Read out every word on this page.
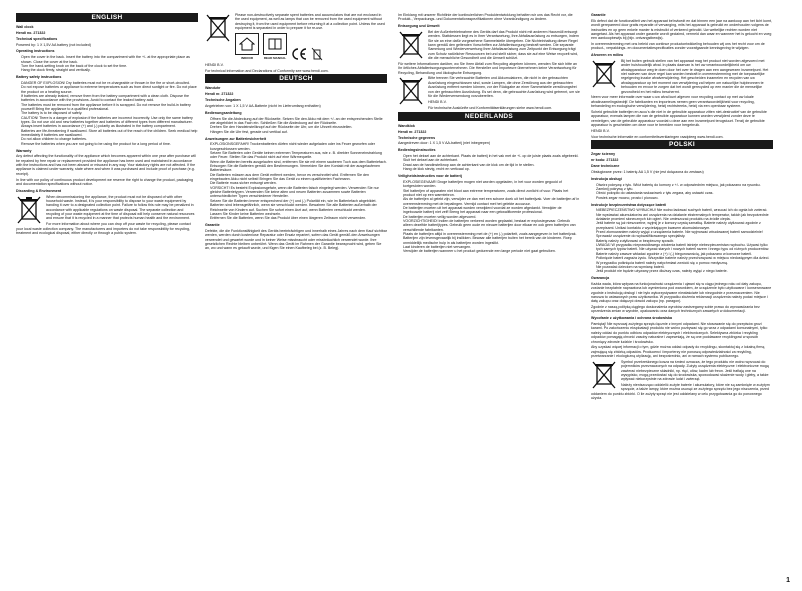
ENGLISH

Wall clock

Hendi no. 271322

Technical specifications

Powered by: 1 X 1,5V AA battery (not included)

Operating instructions

• Open the cover in the back. Insert the battery into the compartment with the +/- at the appropriate place as shown. Close the cover at the back.
• Turn the hand-setting knob on the back of the clock to set the time.
• Hang the clock firmly, straight and vertically.

Battery safety instructions

• DANGER OF EXPLOSION! Dry batteries must not be re-chargeable or thrown in the fire or short-circuited.
• Do not expose batteries or appliance to extreme temperatures such as from direct sunlight or fire. Do not place the product on a heating source.
• If batteries are already leaked, remove them from the battery compartment with a clean cloth. Dispose the batteries in accordance with the provisions. Avoid to contact the leaked battery acid.
• The batteries must be removed from the appliance before it is scrapped. Do not remove the build-in battery yourself! Bring the appliance to a qualified professional.
• The battery is to be disposed of safely.
• CAUTION! There is a danger of explosion if the batteries are incorrect incorrectly. Use only the same battery types. Do not use old and new batteries together and batteries of different types from different manufacturer.
• Always insert batteries in accordance (+) and (-) polarity as illustrated in the battery compartment.
• Batteries are life-threatening if swallowed. Store all batteries out of the reach of the children. Seek medical help immediately if batteries are swallowed.
• Do not allow children to change batteries.
• Remove the batteries when you are not going to be using the product for a long period of time.

Warranty

Any defect affecting the functionality of the appliance which becomes apparent within one year after purchase will be repaired by free repair or replacement provided the appliance has been used and maintained in accordance with the instructions and has not been abused or misused in any way. Your statutory rights are not affected. If the appliance is claimed under warranty, state where and when it was purchased and include proof of purchase (e.g. receipt).

In line with our policy of continuous product development we reserve the right to change the product, packaging and documentation specifications without notice.

Discarding & Environment

When decommissioning the appliance, the product must not be disposed of with other household waste. Instead, it is your responsibility to dispose to your waste equipment by handing it over to a designated collection point. Failure to follow this rule may be penalized in accordance with applicable regulations on waste disposal. The separate collection and recycling of your waste equipment at the time of disposal will help conserve natural resources and ensure that it is recycled in a manner that protects human health and the environment.

For more information about where you can drop off your waste for recycling, please contact your local waste collection company. The manufacturers and importers do not take responsibility for recycling, treatment and ecological disposal, either directly or through a public system.

Please non-destructively separate spent batteries and accumulators that are not enclosed in the used equipment, as well as lamps that can be removed from the used equipment without destroying it, from the used equipment before returning it at a collection point. Unless the used equipment is separated in order to prepare it for re-use.

INDOOR	READ MANUAL

HENDI B.V.

For technical information and Declarations of Conformity see www.hendi.com.

DEUTSCH

Wanduhr

Hendi nr. 271322

Technische Angaben

Angetrieben von: 1 X 1,5 V AA-Batterie (nicht im Lieferumfang enthalten)

Bedienungsanleitung

• Öffnen Sie die Abdeckung auf der Rückseite. Setzen Sie den Akku mit dem +/- an der entsprechenden Stelle wie abgebildet in das Fach ein. Schließen Sie die Abdeckung auf der Rückseite.
• Drehen Sie den Handeinstellknopf auf der Rückseite der Uhr, um die Uhrzeit einzustellen.
• Hängen Sie die Uhr fest, gerade und vertikal auf.

Anweisungen zur Batteriesicherheit

• EXPLOSIONSGEFAHR! Trockenbatterien dürfen nicht wieder aufgeladen oder ins Feuer geworfen oder kurzgeschlossen werden.
• Setzen Sie Batterien oder Geräte keinen extremen Temperaturen aus, wie z. B. direkter Sonneneinstrahlung oder Feuer. Stellen Sie das Produkt nicht auf eine Wärmequelle.
• Wenn die Batterien bereits ausgelaufen sind, entfernen Sie sie mit einem sauberen Tuch aus dem Batteriefach. Entsorgen Sie die Batterien gemäß den Bestimmungen. Vermeiden Sie den Kontakt mit der ausgelaufenen Batteriesäure.
• Die Batterien müssen aus dem Gerät entfernt werden, bevor es verschrottet wird. Entfernen Sie den eingebauten Akku nicht selbst! Bringen Sie das Gerät zu einem qualifizierten Fachmann.
• Die Batterie muss sicher entsorgt werden.
• VORSICHT! Es besteht Explosionsgefahr, wenn die Batterien falsch eingelegt werden. Verwenden Sie nur gleiche Batterietypen. Verwenden Sie keine alten und neuen Batterien zusammen sowie Batterien unterschiedlicher Typen verschiedener Hersteller.
• Setzen Sie die Batterien immer entsprechend der (+) und (-) Polarität ein, wie im Batteriefach abgebildet.
• Batterien sind lebensgefährlich, wenn sie verschluckt werden. Bewahren Sie alle Batterien außerhalb der Reichweite von Kindern auf. Suchen Sie sofort einen Arzt auf, wenn Batterien verschluckt werden.
• Lassen Sie Kinder keine Batterien wechseln.
• Entfernen Sie die Batterien, wenn Sie das Produkt über einen längeren Zeitraum nicht verwenden.

Garantie

Defekte, die die Funktionsfähigkeit des Geräts beeinträchtigen und innerhalb eines Jahres nach dem Kauf sichtbar werden, werden durch kostenlose Reparatur oder Ersatz repariert, sofern das Gerät gemäß den Anweisungen verwendet und gewartet wurde und in keiner Weise missbraucht oder missbräuchlich verwendet wurde. Ihre gesetzlichen Rechte bleiben unberührt. Wenn das Gerät im Rahmen der Garantie beansprucht wird, geben Sie an, wo und wann es gekauft wurde, und fügen Sie einen Kaufbeleg bei (z. B. Beleg).

Im Einklang mit unserer Richtlinie der kontinuierlichen Produktentwicklung behalten wir uns das Recht vor, die Produkt-, Verpackungs- und Dokumentationsspezifikationen ohne Vorankündigung zu ändern.

Entsorgung und Umwelt

Bei der Außerbetriebnahme des Geräts darf das Produkt nicht mit anderem Hausmüll entsorgt werden. Stattdessen liegt es in Ihrer Verantwortung, Ihre Abfallausrüstung zu entsorgen, indem Sie sie an eine dafür vorgesehene Sammelstelle übergeben. Die Nichteinhaltung dieser Regel kann gemäß den geltenden Vorschriften zur Abfallentsorgung bestraft werden. Die separate Sammlung und Wiederverwertung Ihrer Abfallausrüstung zum Zeitpunkt der Entsorgung trägt zum Schutz natürlicher Ressourcen bei und stellt sicher, dass sie auf eine Weise recycelt wird, die die menschliche Gesundheit und die Umwelt schützt.

Für weitere Informationen darüber, wo Sie Ihren Abfall zum Recycling abgeben können, wenden Sie sich bitte an Ihr örtliches Abfallentsorgungsunternehmen. Die Hersteller und Importeure übernehmen keine Verantwortung für Recycling, Behandlung und ökologische Entsorgung.

Bitte trennen Sie verbrauchte Batterien und Akkumulatoren, die nicht in der gebrauchten Ausrüstung eingeschlossen sind, sowie Lampen, die ohne Zerstörung aus der gebrauchten Ausrüstung entfernt werden können, vor der Rückgabe an einer Sammelstelle zerstörungsfrei von der gebrauchten Ausrüstung. Es sei denn, die gebrauchte Ausrüstung wird getrennt, um sie für die Wiederverwendung vorzubereiten.

HENDI B.V.

Für technische Auskünfte und Konformitätserklärungen siehe www.hendi.com.

NEDERLANDS

Wandklok

Hendi nr. 271322

Technische gegevens

Aangedreven door: 1 X 1,5 V AA-batterij (niet inbegrepen)

Bedieningsinstructies

• Open het deksel aan de achterkant. Plaats de batterij in het vak met de +/- op de juiste plaats zoals afgebeeld. Sluit het deksel aan de achterkant.
• Draai aan de handinstelknop aan de achterkant van de klok om de tijd in te stellen.
• Hang de klok stevig, recht en verticaal op.

Veiligheidsinstructies voor de batterij

• EXPLOSIEGEVAAR! Droge batterijen mogen niet worden opgeladen, in het vuur worden gegooid of kortgesloten worden.
• Stel batterijen of apparaten niet bloot aan extreme temperaturen, zoals direct zonlicht of vuur. Plaats het product niet op een warmtebron.
• Als de batterijen al gelekt zijn, verwijder ze dan met een schone doek uit het batterijvak. Voer de batterijen af in overeenstemming met de bepalingen. Vermijd contact met het gelekte accuzuur.
• De batterijen moeten uit het apparaat worden verwijderd voordat ze worden afgedankt. Verwijder de ingebouwde batterij niet zelf! Breng het apparaat naar een gekwalificeerde professional.
• De batterijen moeten veilig worden afgevoerd.
• VOORZICHTIGHEID! Indien de batterijen verkeerd worden geplaatst, bestaat er explosiegevaar. Gebruik alleen dezelfde batterijtypes. Gebruik geen oude en nieuwe batterijen door elkaar en ook geen batterijen van verschillende fabrikanten.
• Plaats de batterijen altijd in overeenstemming met de (+) en (-) polariteit, zoals aangegeven in het batterijvak.
• Batterijen zijn levensgevaarlijk bij inslikken. Bewaar alle batterijen buiten het bereik van de kinderen. Roep onmiddellijk medische hulp in als batterijen worden ingeslikt.
• Laat kinderen de batterijen niet vervangen.
• Verwijder de batterijen wanneer u het product gedurende een lange periode niet gaat gebruiken.

Garantie

Elk defect dat de functionaliteit van het apparaat beïnvloedt en dat binnen een jaar na aankoop aan het licht komt, wordt gerepareerd door gratis reparatie of vervanging, mits het apparaat is gebruikt en onderhouden volgens de instructies en op geen enkele manier is misbruikt of verkeerd gebruikt. Uw wettelijke rechten worden niet aangetast. Als het apparaat onder garantie wordt geclaimd, vermeld dan waar en wanneer het is gekocht en voeg een aankoopbewijs bij (bijv. ontvangstbewijs).

In overeenstemming met ons beleid van continue productontwikkeling behouden wij ons het recht voor om de product-, verpakkings- en documentatiespecificaties zonder voorafgaande kennisgeving te wijzigen.

Afvoeren en milieu

Bij het buiten gebruik stellen van het apparaat mag het product niet worden afgevoerd met ander huishoudelijk afval. In plaats daarvan is het uw verantwoordelijkheid om uw afvalapparatuur weg te doen door het over te dragen aan een aangewezen inzamelpunt. Het niet naleven van deze regel kan worden bestraft in overeenstemming met de toepasselijke regelgeving inzake afvalverwijdering. Het gescheiden inzamelen en recyclen van uw afvalapparatuur op het moment van verwijdering zal helpen om natuurlijke hulpbronnen te behouden en ervoor te zorgen dat het wordt gerecycled op een manier die de menselijke gezondheid en het milieu beschermt.

Neem voor meer informatie over waar u uw afval kunt afgeven voor recycling contact op met uw lokale afvalinzamelingsbedrijf. De fabrikanten en importeurs nemen geen verantwoordelijkheid voor recycling, behandeling en ecologische verwijdering, hetzij rechtstreeks, hetzij via een openbaar systeem.

Scheid gebruikte batterijen en accu's die niet in de gebruikte apparatuur zitten niet-destructief van de gebruikte apparatuur, evenals lampen die van de gebruikte apparatuur kunnen worden verwijderd zonder deze te vernietigen, van de gebruikte apparatuur voordat u deze aan een inzamelpunt terugstuurt. Tenzij de gebruikte apparatuur is gescheiden om deze voor te bereiden voor hergebruik.

HENDI B.V.

Voor technische informatie en conformiteitsverklaringen raadpleeg www.hendi.com.

POLSKI

Zegar ścienny

nr kodu: 271322

Dane techniczne

Obsługiwane przez: 1 baterię AA 1,5 V (nie jest dołączona do zestawu)

Instrukcja obsługi

• Otwórz pokrywę z tyłu. Włóż baterię do komory z +/- w odpowiednim miejscu, jak pokazano na rysunku. Zamknij pokrywę z tyłu.
• Obróć pokrętło do ustawiania wskazówek z tyłu zegara, aby ustawić czas.
• Powieś zegar mocno, prosto i pionowo.

Instrukcje bezpieczeństwa dotyczące baterii

• NIEBEZPIECZEŃSTWO WYBUCHU! Nie wolno ładować suchych baterii, wrzucać ich do ognia lub zwierać.
• Nie wystawiać akumulatorów ani urządzenia na działanie ekstremalnych temperatur, takich jak bezpośrednie działanie promieni słonecznych lub ogień. Nie umieszczać produktu na źródle ciepła.
• Jeśli baterie są już nieszczelne, wyjmij je z komory czystą szmatką. Baterie należy utylizować zgodnie z przepisami. Unikać kontaktu z wyciekającym kwasem akumulatorowym.
• Przed złomowaniem należy wyjąć z urządzenia baterie. Nie wyjmować wbudowanej baterii samodzielnie! Sprowadź urządzenie do wykwalifikowanego specjalisty.
• Baterię należy zutylizować w bezpieczny sposób.
• UWAGA! W przypadku nieprawidłowego włożenia baterii istnieje niebezpieczeństwo wybuchu. Używać tylko tych samych typów baterii. Nie używać starych i nowych baterii razem i innego typu od różnych producentów.
• Baterie należy zawsze wkładać zgodnie z (+) i (-) biegunowością, jak pokazano w komorze baterii.
• Połknięcie baterii zagraża życiu. Wszystkie baterie należy przechowywać w miejscu niedostępnym dla dzieci. W przypadku połknięcia baterii należy natychmiast zwrócić się o pomoc medyczną.
• Nie pozwalać dzieciom na wymianę baterii.
• Jeśli produkt nie będzie używany przez dłuższy czas, należy wyjąć z niego baterie.

Gwarancja

Każda wada, która wpływa na funkcjonalność urządzenia i ujawni się w ciągu jednego roku od daty zakupu, zostanie bezpłatnie naprawiona lub wymieniona pod warunkiem, że urządzenie było użytkowane i konserwowane zgodnie z instrukcją obsługi i nie było wykorzystywane niewłaściwie lub niezgodnie z przeznaczeniem. Nie narusza to ustawowych praw użytkownika. W przypadku złożenia reklamacji urządzenia należy podać miejsce i datę zakupu oraz dołączyć dowód zakupu (np. paragon).

Zgodnie z naszą polityką ciągłego doskonalenia wyrobów zastrzegamy sobie prawo do wprowadzania bez uprzedzenia zmian w wyrobie, opakowaniu oraz danych technicznych zawartych w dokumentacji.

Wycofanie z użytkowania i ochrona środowiska

Pamiętaj! Nie wyrzucaj zużytego sprzętu łącznie z innymi odpadami. Nie stosowanie się do przepisów grozi karami. Po zakończeniu eksploatacji produktu nie wolno pozbywać się go wraz z odpadami komunalnymi, tylko należy oddać do punktu odbioru odpadów elektrycznych i elektronicznych. Selektywna zbiórka i recykling odpadów pomagają chronić zasoby naturalne i zapewniają, że są one poddawane recyklingowi w sposób chroniący zdrowie ludzkie i środowisko.

Aby uzyskać więcej informacji o tym, gdzie można oddać odpady do recyklingu, skontaktuj się z lokalną firmą zajmującą się zbiórką odpadów. Producenci i importerzy nie ponoszą odpowiedzialności za recykling, przetwarzanie i ekologiczną utylizację, ani bezpośrednio, ani w ramach systemu publicznego.

Symbol przekreślonego kosza na śmieci oznacza, że tego produktu nie wolno wyrzucać do pojemników przeznaczonych na odpady. Zużyty urządzenia elektryczne i elektroniczne mogą zawierać niebezpieczne składniki, np. rtęć, ołów, kadm lub freon. Jeśli trafiają one na wysypisko, mogą przedostać się do środowiska, spowodować skażenie wody i gleby, a także wpływać niekorzystnie na zdrowie ludzi i zwierząt.

Należy nieniszcząco oddzielić zużyte baterie i akumulatory, które nie są zamknięte w zużytym sprzęcie, a także lampy, które można usunąć ze zużytego sprzętu bez jego niszczenia, przed oddaniem do punktu zbiórki. O ile zużyty sprzęt nie jest oddzielany w celu przygotowania go do ponownego użycia.

1
